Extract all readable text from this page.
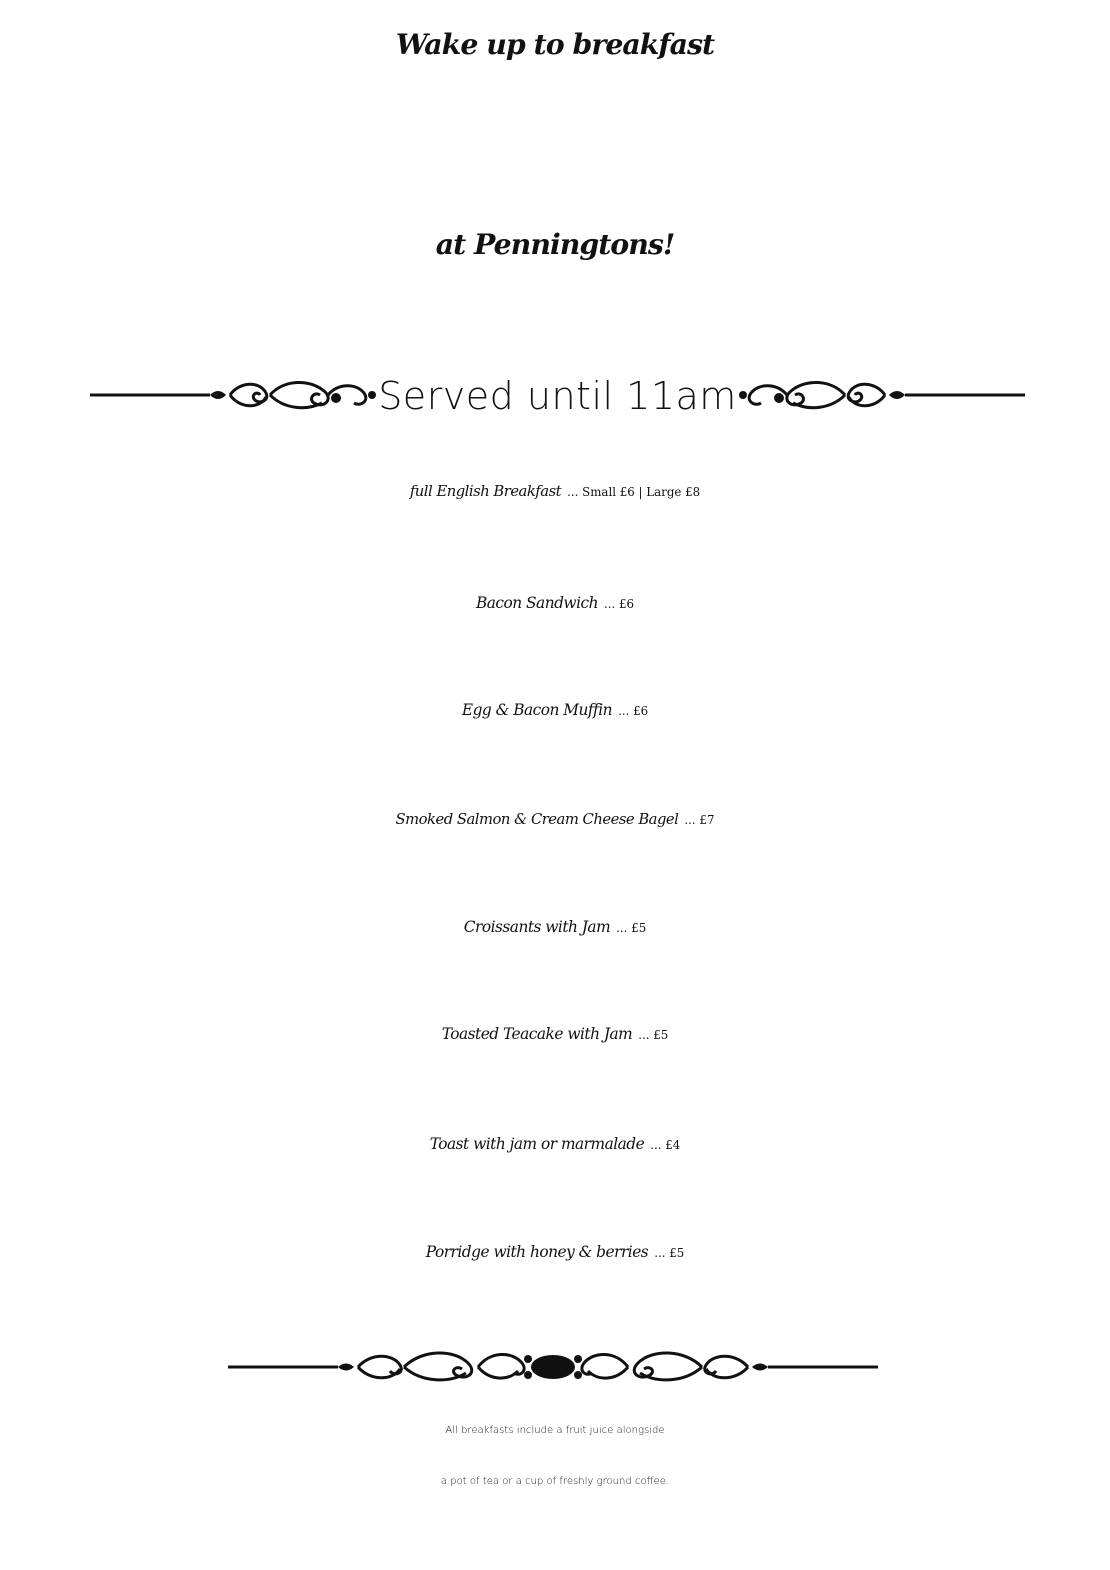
Wake up to breakfast
at Penningtons!
Served until 11am
full English Breakfast ... Small £6 | Large £8
Bacon Sandwich ... £6
Egg & Bacon Muffin ... £6
Smoked Salmon & Cream Cheese Bagel ... £7
Croissants with Jam ... £5
Toasted Teacake with Jam ... £5
Toast with jam or marmalade ... £4
Porridge with honey & berries ... £5
All breakfasts include a fruit juice alongside
a pot of tea or a cup of freshly ground coffee.
